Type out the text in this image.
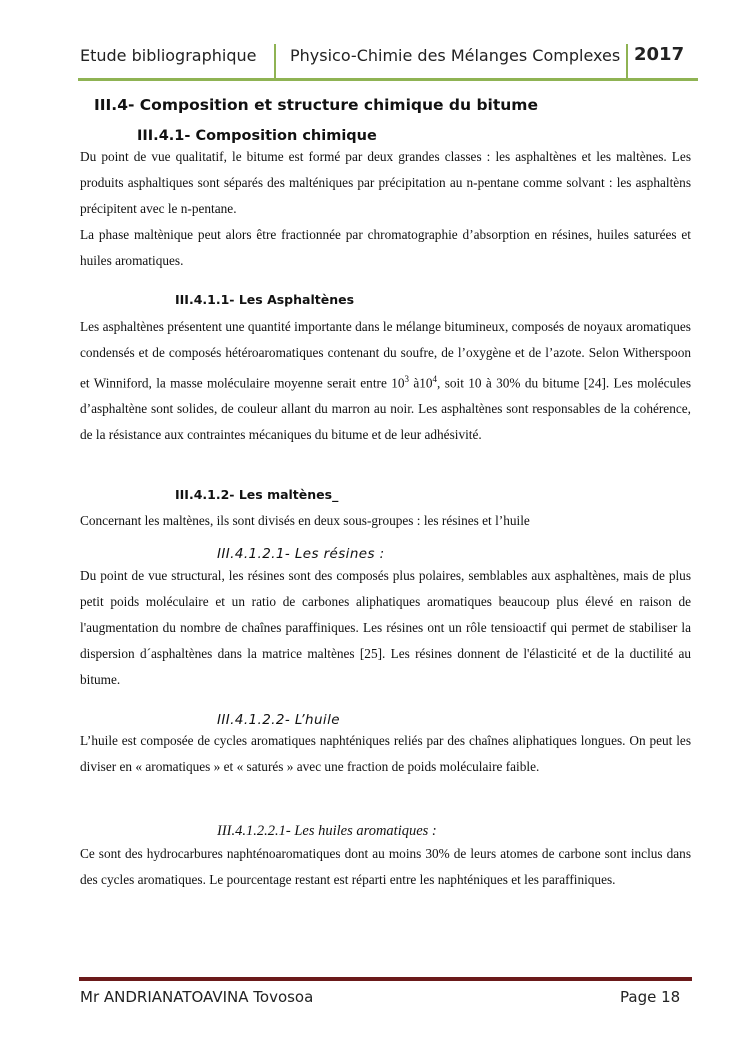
Etude bibliographique Physico-Chimie des Mélanges Complexes 2017
III.4- Composition et structure chimique du bitume
III.4.1- Composition chimique

Du point de vue qualitatif, le bitume est formé par deux grandes classes : les asphaltènes et les maltènes. Les produits asphaltiques sont séparés des malténiques par précipitation au n-pentane comme solvant : les asphaltèns précipitent avec le n-pentane.

La phase maltènique peut alors être fractionnée par chromatographie d’absorption en résines, huiles saturées et huiles aromatiques.

III.4.1.1- Les Asphaltènes

Les asphaltènes présentent une quantité importante dans le mélange bitumineux, composés de noyaux aromatiques condensés et de composés hétéroaromatiques contenant du soufre, de l’oxygène et de l’azote. Selon Witherspoon et Winniford, la masse moléculaire moyenne serait entre $10^3$ $à10^4$, soit 10 à 30% du bitume [24]. Les molécules d’asphaltène sont solides, de couleur allant du marron au noir. Les asphaltènes sont responsables de la cohérence, de la résistance aux contraintes mécaniques du bitume et de leur adhésivité.

III.4.1.2- Les maltènes_

Concernant les maltènes, ils sont divisés en deux sous-groupes : les résines et l’huile

III.4.1.2.1- Les résines :

Du point de vue structural, les résines sont des composés plus polaires, semblables aux asphaltènes, mais de plus petit poids moléculaire et un ratio de carbones aliphatiques aromatiques beaucoup plus élevé en raison de l'augmentation du nombre de chaînes paraffiniques. Les résines ont un rôle tensioactif qui permet de stabiliser la dispersion d´asphaltènes dans la matrice maltènes [25]. Les résines donnent de l'élasticité et de la ductilité au bitume.

III.4.1.2.2- L’huile

L’huile est composée de cycles aromatiques naphténiques reliés par des chaînes aliphatiques longues. On peut les diviser en « aromatiques » et « saturés » avec une fraction de poids moléculaire faible.

III.4.1.2.2.1- Les huiles aromatiques :

Ce sont des hydrocarbures naphténoaromatiques dont au moins 30% de leurs atomes de carbone sont inclus dans des cycles aromatiques. Le pourcentage restant est réparti entre les naphténiques et les paraffiniques.

Mr ANDRIANATOAVINA Tovosoa	Page 18
